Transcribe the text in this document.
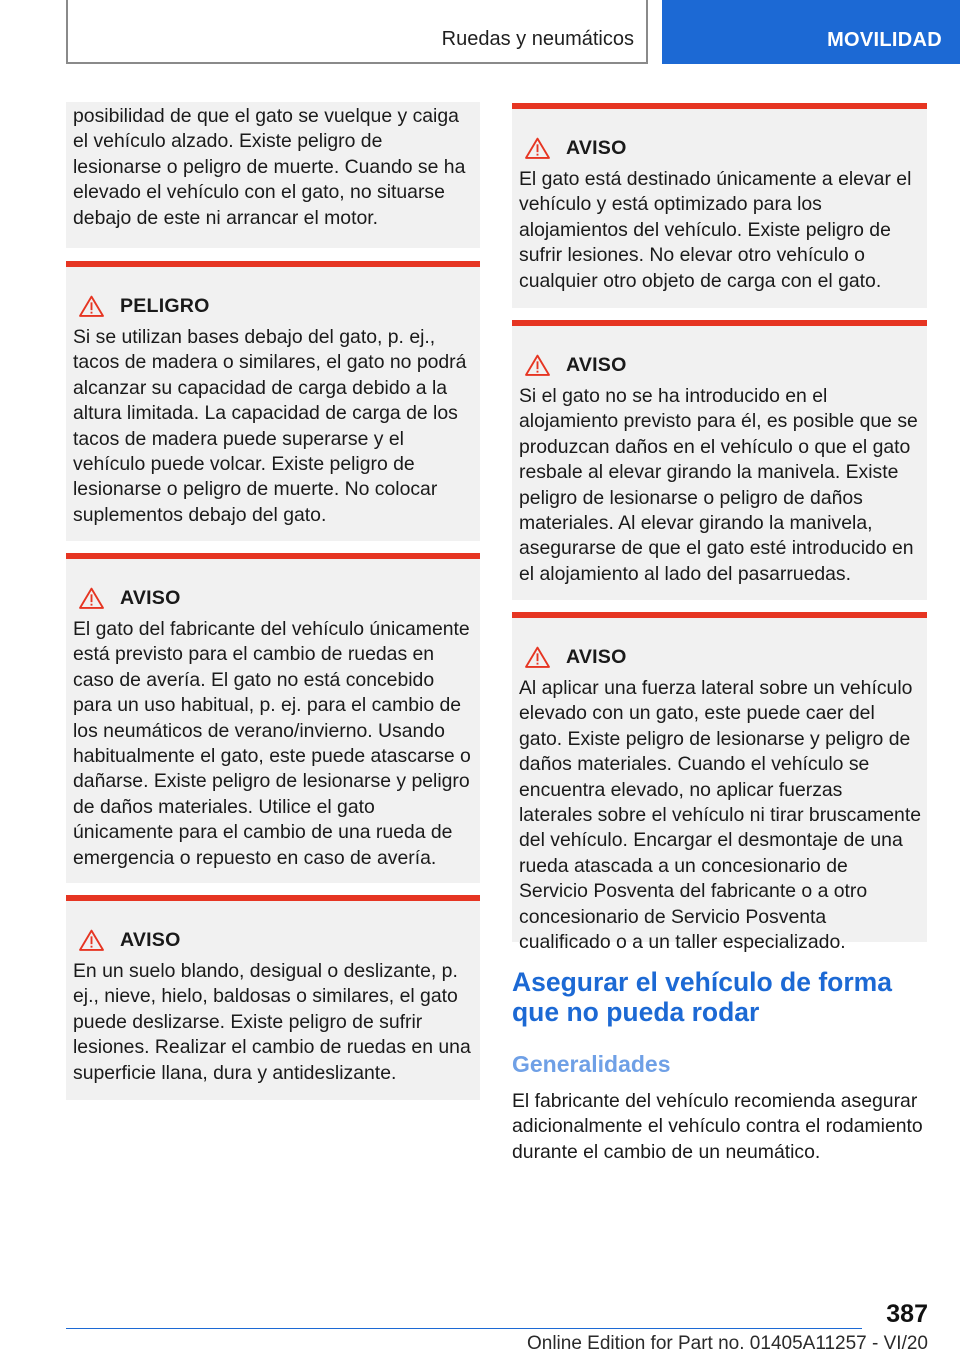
Ruedas y neumáticos	MOVILIDAD

posibilidad de que el gato se vuelque y caiga el vehículo alzado. Existe peligro de lesionarse o peligro de muerte. Cuando se ha elevado el vehículo con el gato, no situarse debajo de este ni arrancar el motor.

PELIGRO

Si se utilizan bases debajo del gato, p. ej., tacos de madera o similares, el gato no podrá alcanzar su capacidad de carga debido a la altura limitada. La capacidad de carga de los tacos de madera puede superarse y el vehículo puede volcar. Existe peligro de lesionarse o peligro de muerte. No colocar suplementos debajo del gato.

AVISO

El gato del fabricante del vehículo únicamente está previsto para el cambio de ruedas en caso de avería. El gato no está concebido para un uso habitual, p. ej. para el cambio de los neumáticos de verano/invierno. Usando habitualmente el gato, este puede atascarse o dañarse. Existe peligro de lesionarse y peligro de daños materiales. Utilice el gato únicamente para el cambio de una rueda de emergencia o repuesto en caso de avería.

AVISO

En un suelo blando, desigual o deslizante, p. ej., nieve, hielo, baldosas o similares, el gato puede deslizarse. Existe peligro de sufrir lesiones. Realizar el cambio de ruedas en una superficie llana, dura y antideslizante.

AVISO

El gato está destinado únicamente a elevar el vehículo y está optimizado para los alojamientos del vehículo. Existe peligro de sufrir lesiones. No elevar otro vehículo o cualquier otro objeto de carga con el gato.

AVISO

Si el gato no se ha introducido en el alojamiento previsto para él, es posible que se produzcan daños en el vehículo o que el gato resbale al elevar girando la manivela. Existe peligro de lesionarse o peligro de daños materiales. Al elevar girando la manivela, asegurarse de que el gato esté introducido en el alojamiento al lado del pasarruedas.

AVISO

Al aplicar una fuerza lateral sobre un vehículo elevado con un gato, este puede caer del gato. Existe peligro de lesionarse y peligro de daños materiales. Cuando el vehículo se encuentra elevado, no aplicar fuerzas laterales sobre el vehículo ni tirar bruscamente del vehículo. Encargar el desmontaje de una rueda atascada a un concesionario de Servicio Posventa del fabricante o a otro concesionario de Servicio Posventa cualificado o a un taller especializado.

Asegurar el vehículo de forma que no pueda rodar
Generalidades

El fabricante del vehículo recomienda asegurar adicionalmente el vehículo contra el rodamiento durante el cambio de un neumático.

387
Online Edition for Part no. 01405A11257 - VI/20
